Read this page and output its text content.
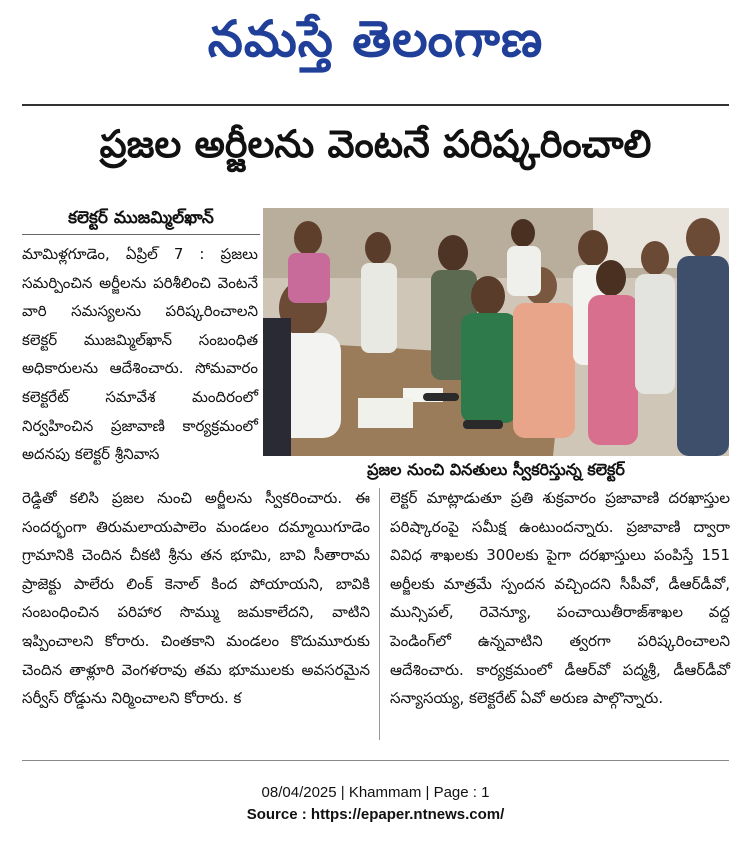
నమస్తే తెలంగాణ
ప్రజల అర్జీలను వెంటనే పరిష్కరించాలి
కలెక్టర్ ముజమ్మిల్‌ఖాన్
ప్రజల నుంచి వినతులు స్వీకరిస్తున్న కలెక్టర్

మామిళ్లగూడెం, ఏప్రిల్ 7 : ప్రజలు సమర్పించిన అర్జీలను పరిశీలించి వెంటనే వారి సమస్యలను పరిష్కరించాలని కలెక్టర్ ముజమ్మిల్‌ఖాన్ సంబంధిత అధికారులను ఆదేశించారు. సోమవారం కలెక్టరేట్ సమావేశ మందిరంలో నిర్వహించిన ప్రజావాణి కార్యక్రమంలో అదనపు కలెక్టర్ శ్రీనివాస

రెడ్డితో కలిసి ప్రజల నుంచి అర్జీలను స్వీకరించారు. ఈ సందర్భంగా తిరుమలాయపాలెం మండలం దమ్మాయిగూడెం గ్రామానికి చెందిన చీకటి శ్రీను తన భూమి, బావి సీతారామ ప్రాజెక్టు పాలేరు లింక్ కెనాల్ కింద పోయాయని, బావికి సంబంధించిన పరిహార సొమ్ము జమకాలేదని, వాటిని ఇప్పించాలని కోరారు. చింతకాని మండలం కొదుమూరుకు చెందిన తాళ్లూరి వెంగళరావు తమ భూములకు అవసరమైన సర్వీస్ రోడ్డును నిర్మించాలని కోరారు. క

లెక్టర్ మాట్లాడుతూ ప్రతి శుక్రవారం ప్రజావాణి దరఖాస్తుల పరిష్కారంపై సమీక్ష ఉంటుందన్నారు. ప్రజావాణి ద్వారా వివిధ శాఖలకు 300లకు పైగా దరఖాస్తులు పంపిస్తే 151 అర్జీలకు మాత్రమే స్పందన వచ్చిందని సీపీవో, డీఆర్‌డీవో, మున్సిపల్, రెవెన్యూ, పంచాయితీరాజ్‌శాఖల వద్ద పెండింగ్‌లో ఉన్నవాటిని త్వరగా పరిష్కరించాలని ఆదేశించారు. కార్యక్రమంలో డీఆర్‌వో పద్మశ్రీ, డీఆర్‌డీవో సన్యాసయ్య, కలెక్టరేట్ ఏవో అరుణ పాల్గొన్నారు.

08/04/2025 | Khammam | Page : 1
Source : https://epaper.ntnews.com/
